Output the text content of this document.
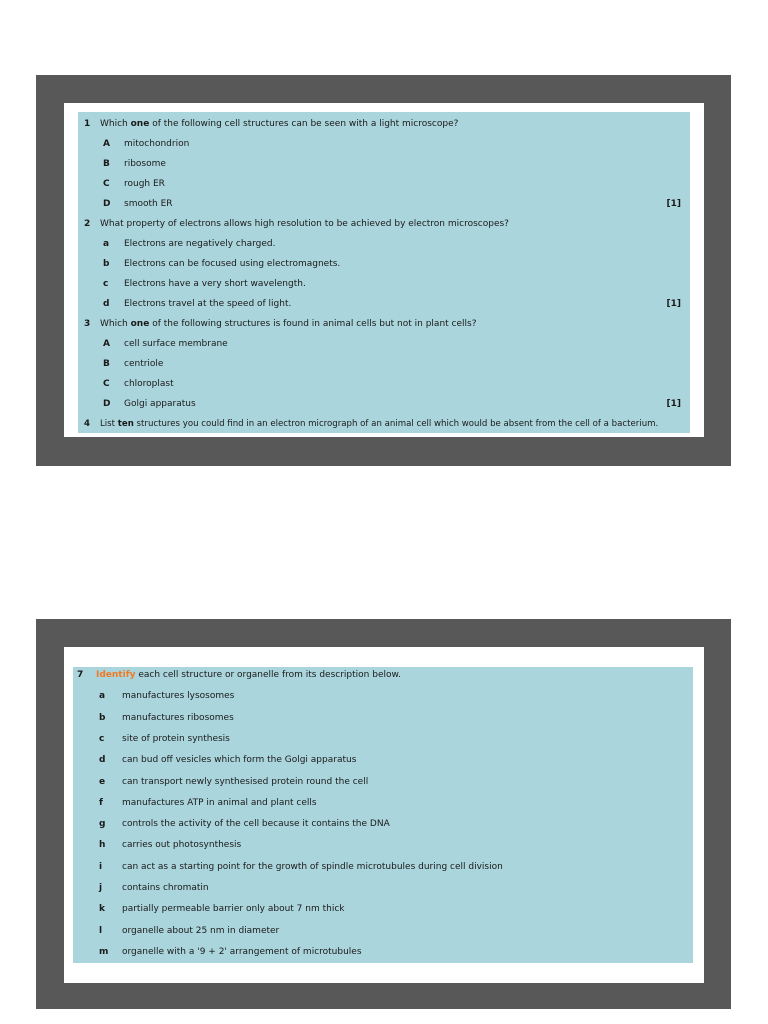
1 Which one of the following cell structures can be seen with a light microscope?
A mitochondrion
B ribosome
C rough ER
D smooth ER	[1]
2 What property of electrons allows high resolution to be achieved by electron microscopes?
a Electrons are negatively charged.
b Electrons can be focused using electromagnets.
c Electrons have a very short wavelength.
d Electrons travel at the speed of light.	[1]
3 Which one of the following structures is found in animal cells but not in plant cells?
A cell surface membrane
B centriole
C chloroplast
D Golgi apparatus	[1]
4 List ten structures you could find in an electron micrograph of an animal cell which would be absent from the cell of a bacterium.
7 Identify each cell structure or organelle from its description below.
a manufactures lysosomes
b manufactures ribosomes
c site of protein synthesis
d can bud off vesicles which form the Golgi apparatus
e can transport newly synthesised protein round the cell
f manufactures ATP in animal and plant cells
g controls the activity of the cell because it contains the DNA
h carries out photosynthesis
i can act as a starting point for the growth of spindle microtubules during cell division
j contains chromatin
k partially permeable barrier only about 7 nm thick
l organelle about 25 nm in diameter
m organelle with a '9 + 2' arrangement of microtubules
